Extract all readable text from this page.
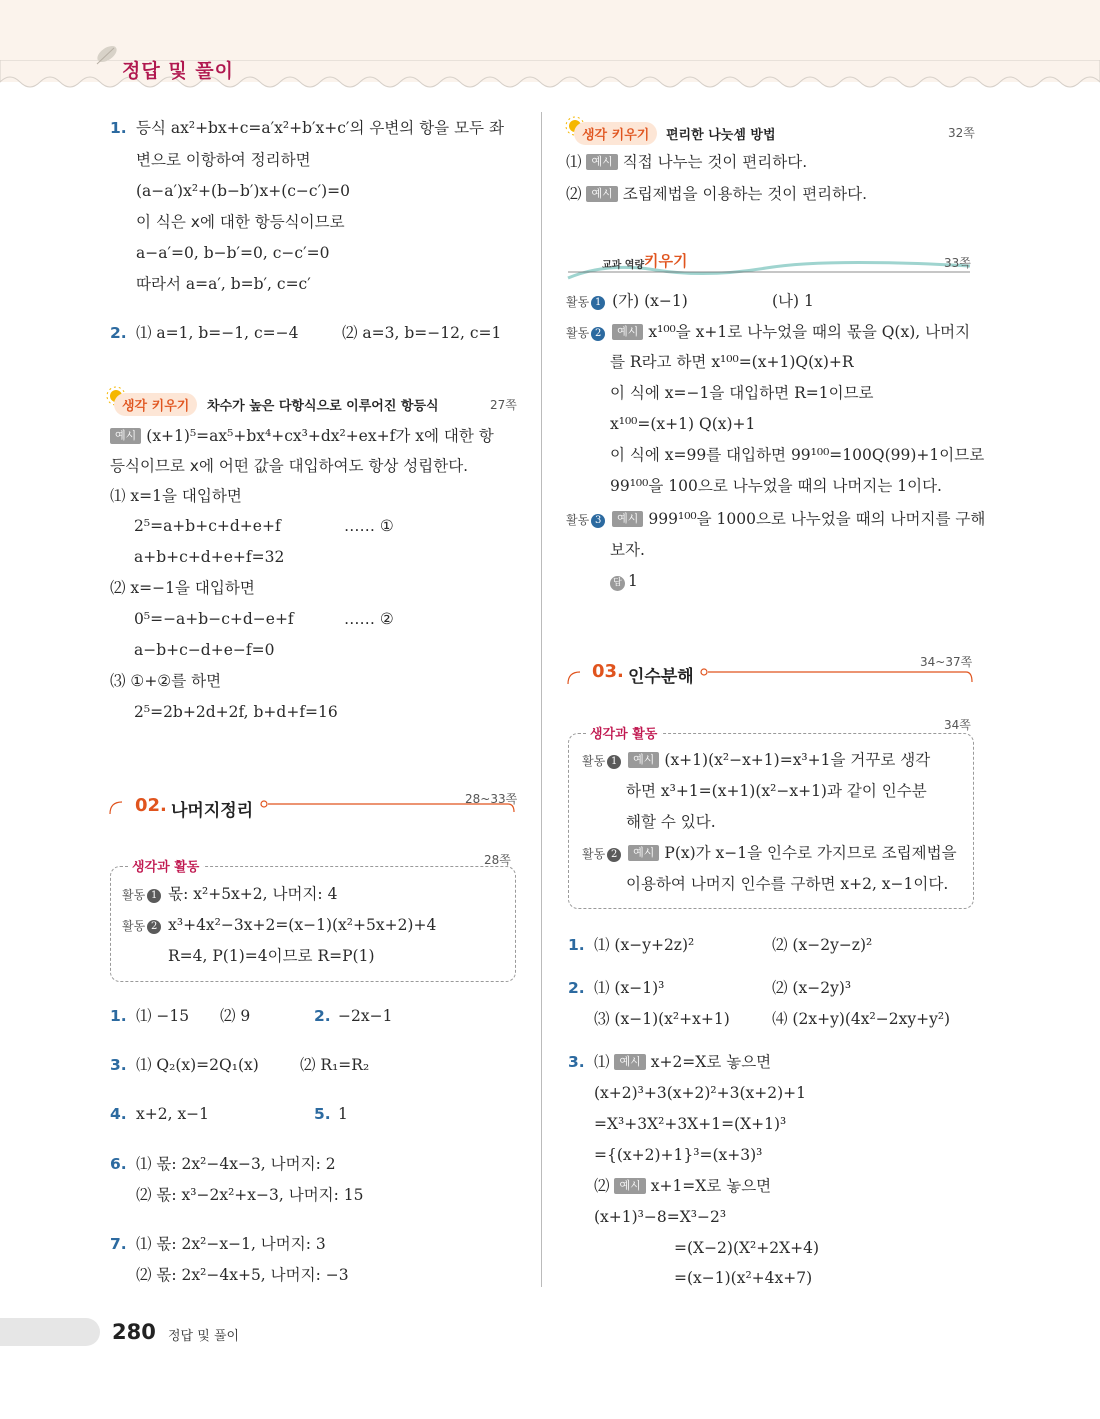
정답 및 풀이
1. 등식 ax²+bx+c=a′x²+b′x+c′의 우변의 항을 모두 좌
변으로 이항하여 정리하면
(a−a′)x²+(b−b′)x+(c−c′)=0
이 식은 x에 대한 항등식이므로
a−a′=0, b−b′=0, c−c′=0
따라서 a=a′, b=b′, c=c′
2. ⑴ a=1, b=−1, c=−4	⑵ a=3, b=−12, c=1
생각 키우기	차수가 높은 다항식으로 이루어진 항등식	27쪽
예시 (x+1)⁵=ax⁵+bx⁴+cx³+dx²+ex+f가 x에 대한 항
등식이므로 x에 어떤 값을 대입하여도 항상 성립한다.
⑴ x=1을 대입하면
2⁵=a+b+c+d+e+f	…… ①
a+b+c+d+e+f=32
⑵ x=−1을 대입하면
0⁵=−a+b−c+d−e+f	…… ②
a−b+c−d+e−f=0
⑶ ①+②를 하면
2⁵=2b+2d+2f, b+d+f=16
02. 나머지정리
28~33쪽
생각과 활동	28쪽
활동 1 몫: x²+5x+2, 나머지: 4
활동 2 x³+4x²−3x+2=(x−1)(x²+5x+2)+4
R=4, P(1)=4이므로 R=P(1)
1. ⑴ −15 ⑵ 9	2. −2x−1
3. ⑴ Q₂(x)=2Q₁(x)	⑵ R₁=R₂
4. x+2, x−1	5. 1
6. ⑴ 몫: 2x²−4x−3, 나머지: 2
⑵ 몫: x³−2x²+x−3, 나머지: 15
7. ⑴ 몫: 2x²−x−1, 나머지: 3
⑵ 몫: 2x²−4x+5, 나머지: −3
생각 키우기	편리한 나눗셈 방법	32쪽
⑴ 예시 직접 나누는 것이 편리하다.
⑵ 예시 조립제법을 이용하는 것이 편리하다.
교과 역량 키우기	33쪽
활동 1 (가) (x−1)	(나) 1
활동 2 예시 x¹⁰⁰을 x+1로 나누었을 때의 몫을 Q(x), 나머지
를 R라고 하면 x¹⁰⁰=(x+1)Q(x)+R
이 식에 x=−1을 대입하면 R=1이므로
x¹⁰⁰=(x+1) Q(x)+1
이 식에 x=99를 대입하면 99¹⁰⁰=100Q(99)+1이므로
99¹⁰⁰을 100으로 나누었을 때의 나머지는 1이다.
활동 3 예시 999¹⁰⁰을 1000으로 나누었을 때의 나머지를 구해
보자.
답 1
03. 인수분해
34~37쪽
생각과 활동
34쪽
활동 1 예시 (x+1)(x²−x+1)=x³+1을 거꾸로 생각
하면 x³+1=(x+1)(x²−x+1)과 같이 인수분
해할 수 있다.
활동 2 예시 P(x)가 x−1을 인수로 가지므로 조립제법을
이용하여 나머지 인수를 구하면 x+2, x−1이다.
1. ⑴ (x−y+2z)²	⑵ (x−2y−z)²
2. ⑴ (x−1)³	⑵ (x−2y)³
⑶ (x−1)(x²+x+1)	⑷ (2x+y)(4x²−2xy+y²)
3. ⑴ 예시 x+2=X로 놓으면
(x+2)³+3(x+2)²+3(x+2)+1
=X³+3X²+3X+1=(X+1)³
={(x+2)+1}³=(x+3)³
⑵ 예시 x+1=X로 놓으면
(x+1)³−8=X³−2³
=(X−2)(X²+2X+4)
=(x−1)(x²+4x+7)
280 정답 및 풀이
